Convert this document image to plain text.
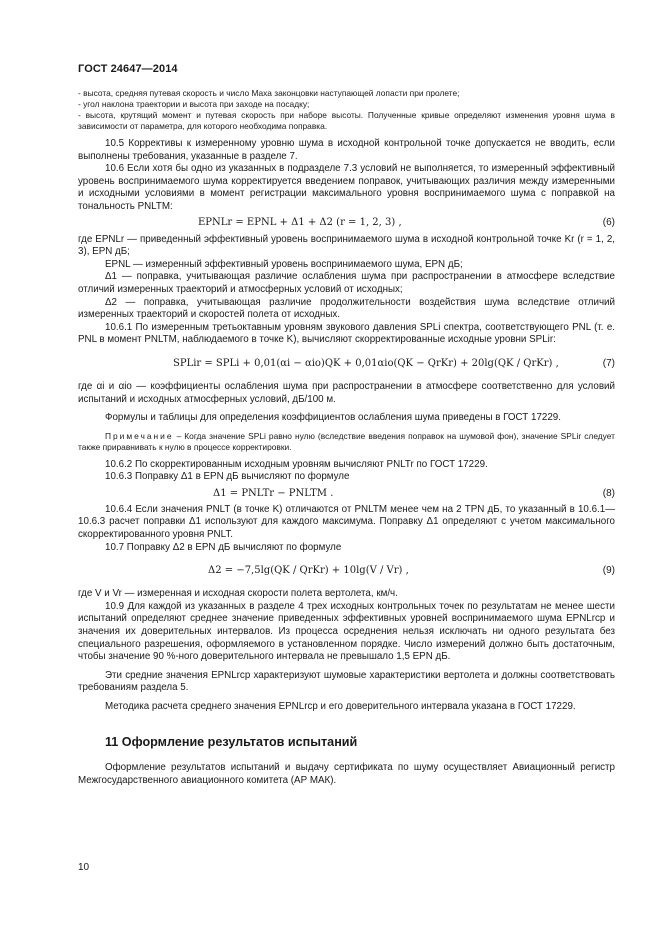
ГОСТ 24647—2014

- высота, средняя путевая скорость и число Маха законцовки наступающей лопасти при пролете;

- угол наклона траектории и высота при заходе на посадку;

- высота, крутящий момент и путевая скорость при наборе высоты. Полученные кривые определяют изменения уровня шума в зависимости от параметра, для которого необходима поправка.

10.5 Коррективы к измеренному уровню шума в исходной контрольной точке допускается не вводить, если выполнены требования, указанные в разделе 7.

10.6 Если хотя бы одно из указанных в подразделе 7.3 условий не выполняется, то измеренный эффективный уровень воспринимаемого шума корректируется введением поправок, учитывающих различия между измеренными и исходными условиями в момент регистрации максимального уровня воспринимаемого шума с поправкой на тональность PNLTM:

EPNLr = EPNL + Δ1 + Δ2 (r = 1, 2, 3) ,	(6)

где EPNLr — приведенный эффективный уровень воспринимаемого шума в исходной контрольной точке Kr (r = 1, 2, 3), EPN дБ;

EPNL — измеренный эффективный уровень воспринимаемого шума, EPN дБ;

Δ1 — поправка, учитывающая различие ослабления шума при распространении в атмосфере вследствие отличий измеренных траекторий и атмосферных условий от исходных;

Δ2 — поправка, учитывающая различие продолжительности воздействия шума вследствие отличий измеренных траекторий и скоростей полета от исходных.

10.6.1 По измеренным третьоктавным уровням звукового давления SPLi спектра, соответствующего PNL (т. е. PNL в момент PNLTM, наблюдаемого в точке K), вычисляют скорректированные исходные уровни SPLir:

SPLir = SPLi + 0,01(αi − αio)QK + 0,01αio(QK − QrKr) + 20lg(QK / QrKr) ,	(7)

где αi и αio — коэффициенты ослабления шума при распространении в атмосфере соответственно для условий испытаний и исходных атмосферных условий, дБ/100 м.

Формулы и таблицы для определения коэффициентов ослабления шума приведены в ГОСТ 17229.

Примечание – Когда значение SPLi равно нулю (вследствие введения поправок на шумовой фон), значение SPLir следует также приравнивать к нулю в процессе корректировки.

10.6.2 По скорректированным исходным уровням вычисляют PNLTr по ГОСТ 17229.

10.6.3 Поправку Δ1 в EPN дБ вычисляют по формуле

Δ1 = PNLTr − PNLTM .	(8)

10.6.4 Если значения PNLT (в точке K) отличаются от PNLTM менее чем на 2 TPN дБ, то указанный в 10.6.1—10.6.3 расчет поправки Δ1 используют для каждого максимума. Поправку Δ1 определяют с учетом максимального скорректированного уровня PNLT.

10.7 Поправку Δ2 в EPN дБ вычисляют по формуле

Δ2 = −7,5lg(QK / QrKr) + 10lg(V / Vr) ,	(9)

где V и Vr — измеренная и исходная скорости полета вертолета, км/ч.

10.9 Для каждой из указанных в разделе 4 трех исходных контрольных точек по результатам не менее шести испытаний определяют среднее значение приведенных эффективных уровней воспринимаемого шума EPNLrср и значения их доверительных интервалов. Из процесса осреднения нельзя исключать ни одного результата без специального разрешения, оформляемого в установленном порядке. Число измерений должно быть достаточным, чтобы значение 90 %-ного доверительного интервала не превышало 1,5 EPN дБ.

Эти средние значения EPNLrср характеризуют шумовые характеристики вертолета и должны соответствовать требованиям раздела 5.

Методика расчета среднего значения EPNLrср и его доверительного интервала указана в ГОСТ 17229.

11 Оформление результатов испытаний

Оформление результатов испытаний и выдачу сертификата по шуму осуществляет Авиационный регистр Межгосударственного авиационного комитета (АР МАК).

10
